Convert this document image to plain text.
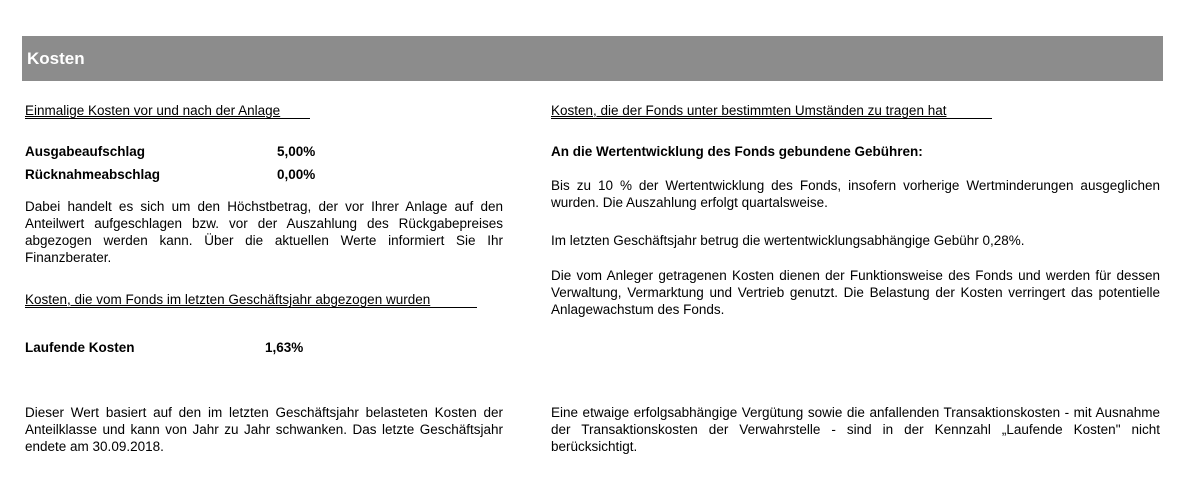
Kosten
Einmalige Kosten vor und nach der Anlage
Ausgabeaufschlag	5,00%
Rücknahmeabschlag	0,00%
Dabei handelt es sich um den Höchstbetrag, der vor Ihrer Anlage auf den Anteilwert aufgeschlagen bzw. vor der Auszahlung des Rückgabepreises abgezogen werden kann. Über die aktuellen Werte informiert Sie Ihr Finanzberater.
Kosten, die vom Fonds im letzten Geschäftsjahr abgezogen wurden
Laufende Kosten	1,63%
Dieser Wert basiert auf den im letzten Geschäftsjahr belasteten Kosten der Anteilklasse und kann von Jahr zu Jahr schwanken. Das letzte Geschäftsjahr endete am 30.09.2018.
Kosten, die der Fonds unter bestimmten Umständen zu tragen hat
An die Wertentwicklung des Fonds gebundene Gebühren:
Bis zu 10 % der Wertentwicklung des Fonds, insofern vorherige Wertminderungen ausgeglichen wurden. Die Auszahlung erfolgt quartalsweise.
Im letzten Geschäftsjahr betrug die wertentwicklungsabhängige Gebühr 0,28%.
Die vom Anleger getragenen Kosten dienen der Funktionsweise des Fonds und werden für dessen Verwaltung, Vermarktung und Vertrieb genutzt. Die Belastung der Kosten verringert das potentielle Anlagewachstum des Fonds.
Eine etwaige erfolgsabhängige Vergütung sowie die anfallenden Transaktionskosten - mit Ausnahme der Transaktionskosten der Verwahrstelle - sind in der Kennzahl „Laufende Kosten" nicht berücksichtigt.
